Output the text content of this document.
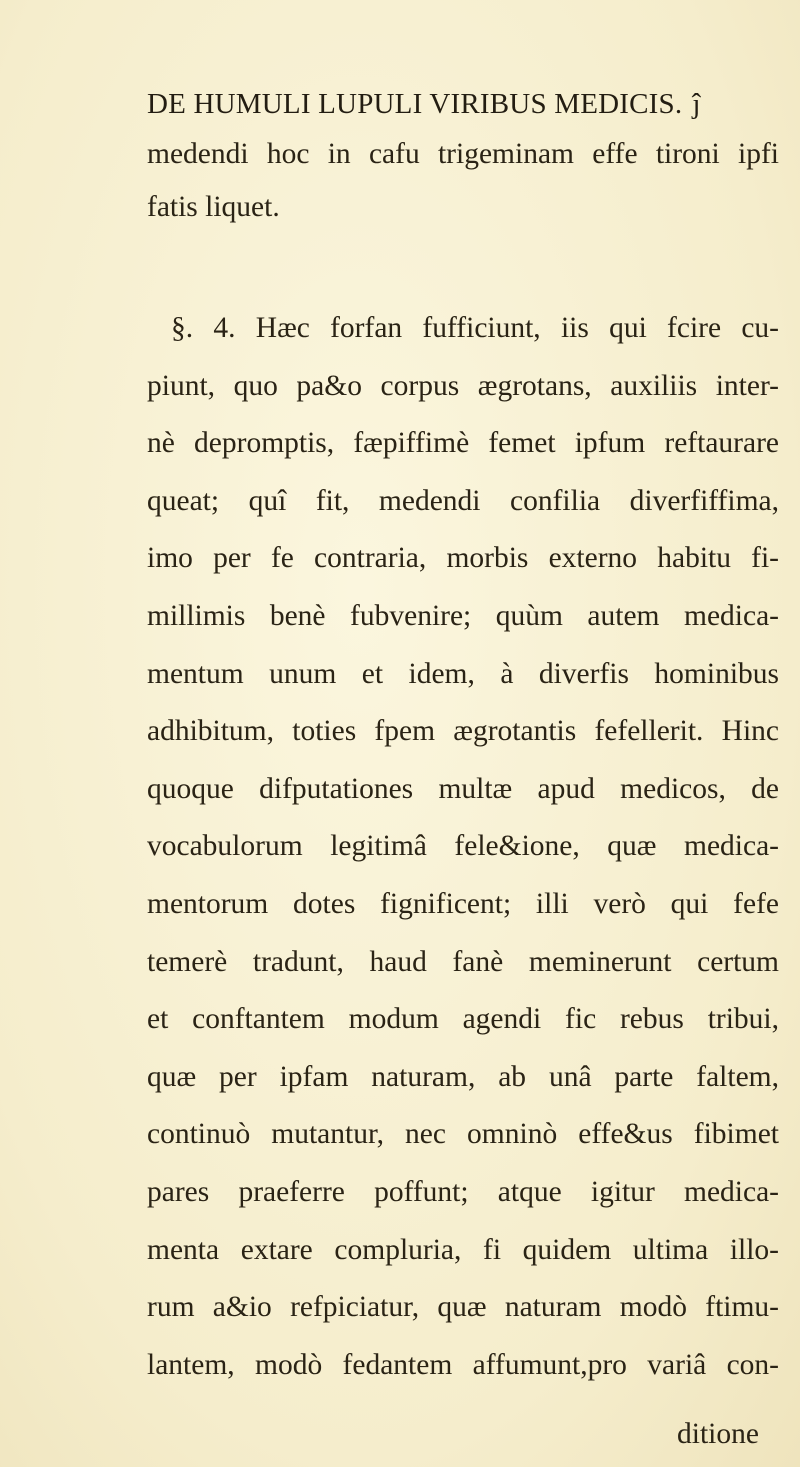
DE HUMULI LUPULI VIRIBUS MEDICIS. ĵ
medendi hoc in cafu trigeminam effe tironi ipfi
fatis liquet.
§. 4. Hæc forfan fufficiunt, iis qui fcire cu-
piunt, quo pa&o corpus ægrotans, auxiliis inter-
nè depromptis, fæpiffimè femet ipfum reftaurare
queat; quî fit, medendi confilia diverfiffima,
imo per fe contraria, morbis externo habitu fi-
millimis benè fubvenire; quùm autem medica-
mentum unum et idem, à diverfis hominibus
adhibitum, toties fpem ægrotantis fefellerit. Hinc
quoque difputationes multæ apud medicos, de
vocabulorum legitimâ fele&ione, quæ medica-
mentorum dotes fignificent; illi verò qui fefe
temerè tradunt, haud fanè meminerunt certum
et conftantem modum agendi fic rebus tribui,
quæ per ipfam naturam, ab unâ parte faltem,
continuò mutantur, nec omninò effe&us fibimet
pares praeferre poffunt; atque igitur medica-
menta extare compluria, fi quidem ultima illo-
rum a&io refpiciatur, quæ naturam modò ftimu-
lantem, modò fedantem affumunt,pro variâ con-
ditione
